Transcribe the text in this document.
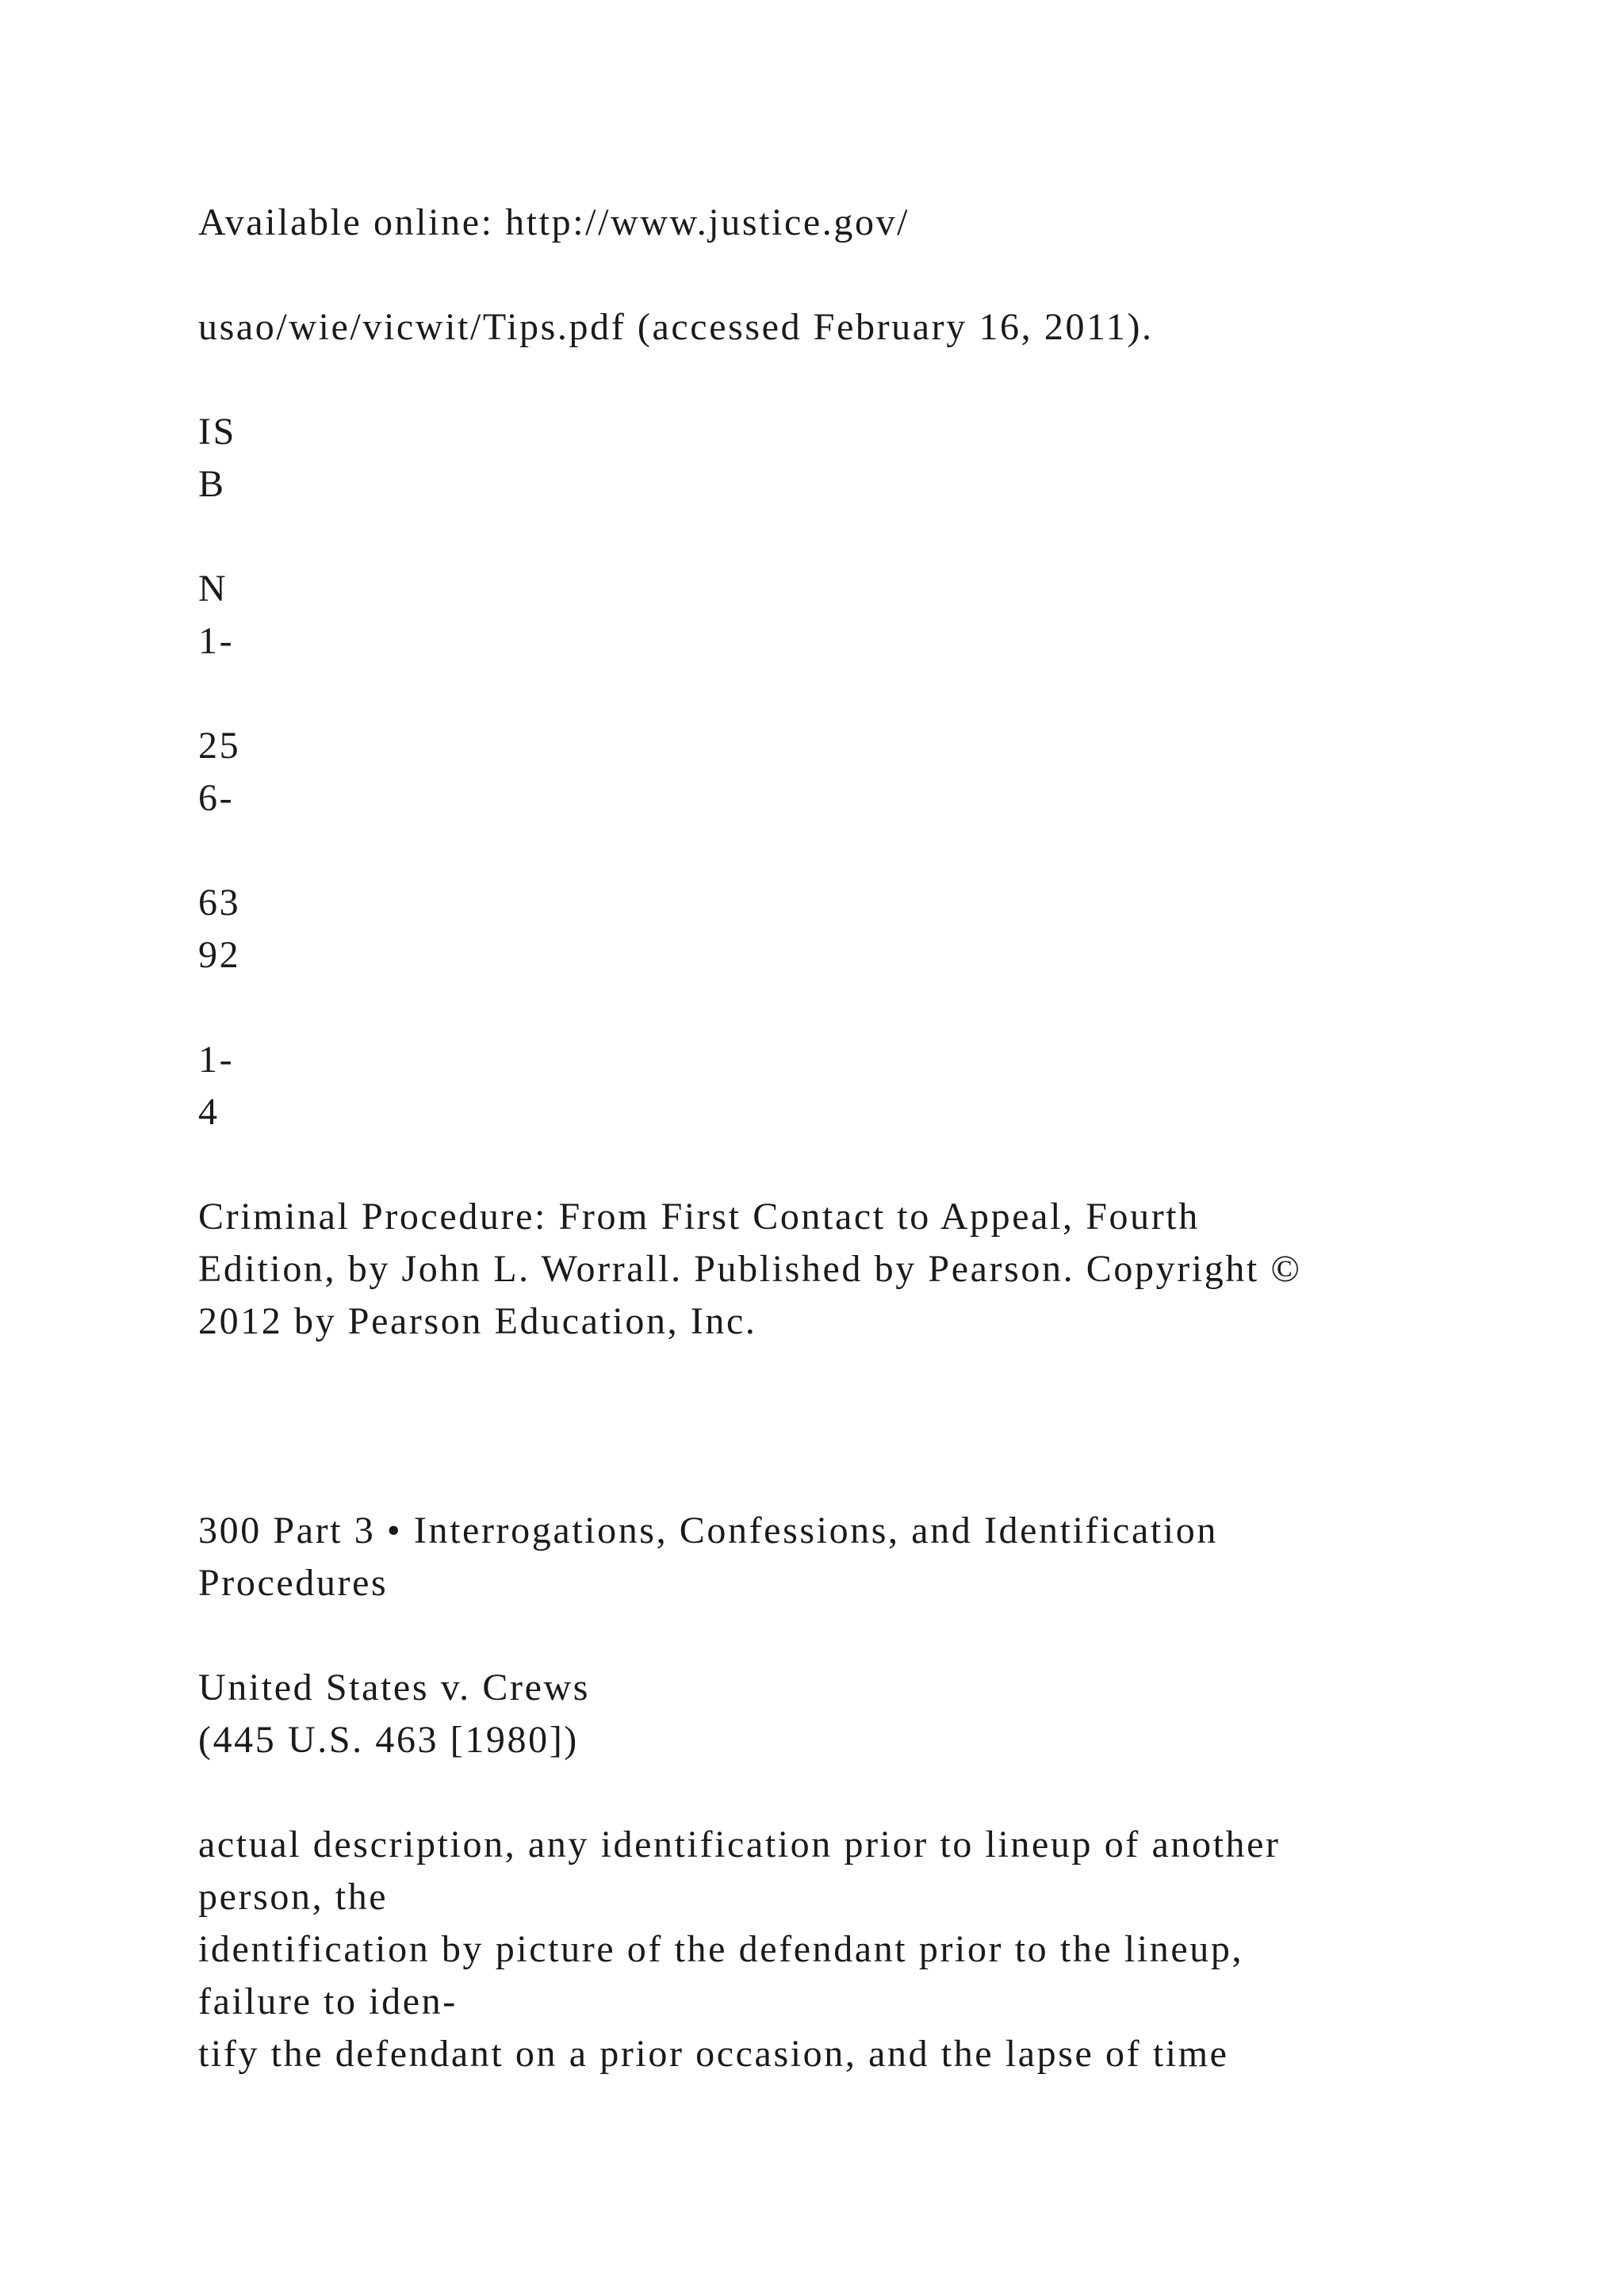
Available online: http://www.justice.gov/

usao/wie/vicwit/Tips.pdf (accessed February 16, 2011).

IS

B

N

1-

25

6-

63

92

1-

4

Criminal Procedure: From First Contact to Appeal, Fourth

Edition, by John L. Worrall. Published by Pearson. Copyright ©

2012 by Pearson Education, Inc.

300 Part 3 • Interrogations, Confessions, and Identification

Procedures

United States v. Crews

(445 U.S. 463 [1980])

actual description, any identification prior to lineup of another

person, the

identification by picture of the defendant prior to the lineup,

failure to iden-

tify the defendant on a prior occasion, and the lapse of time
